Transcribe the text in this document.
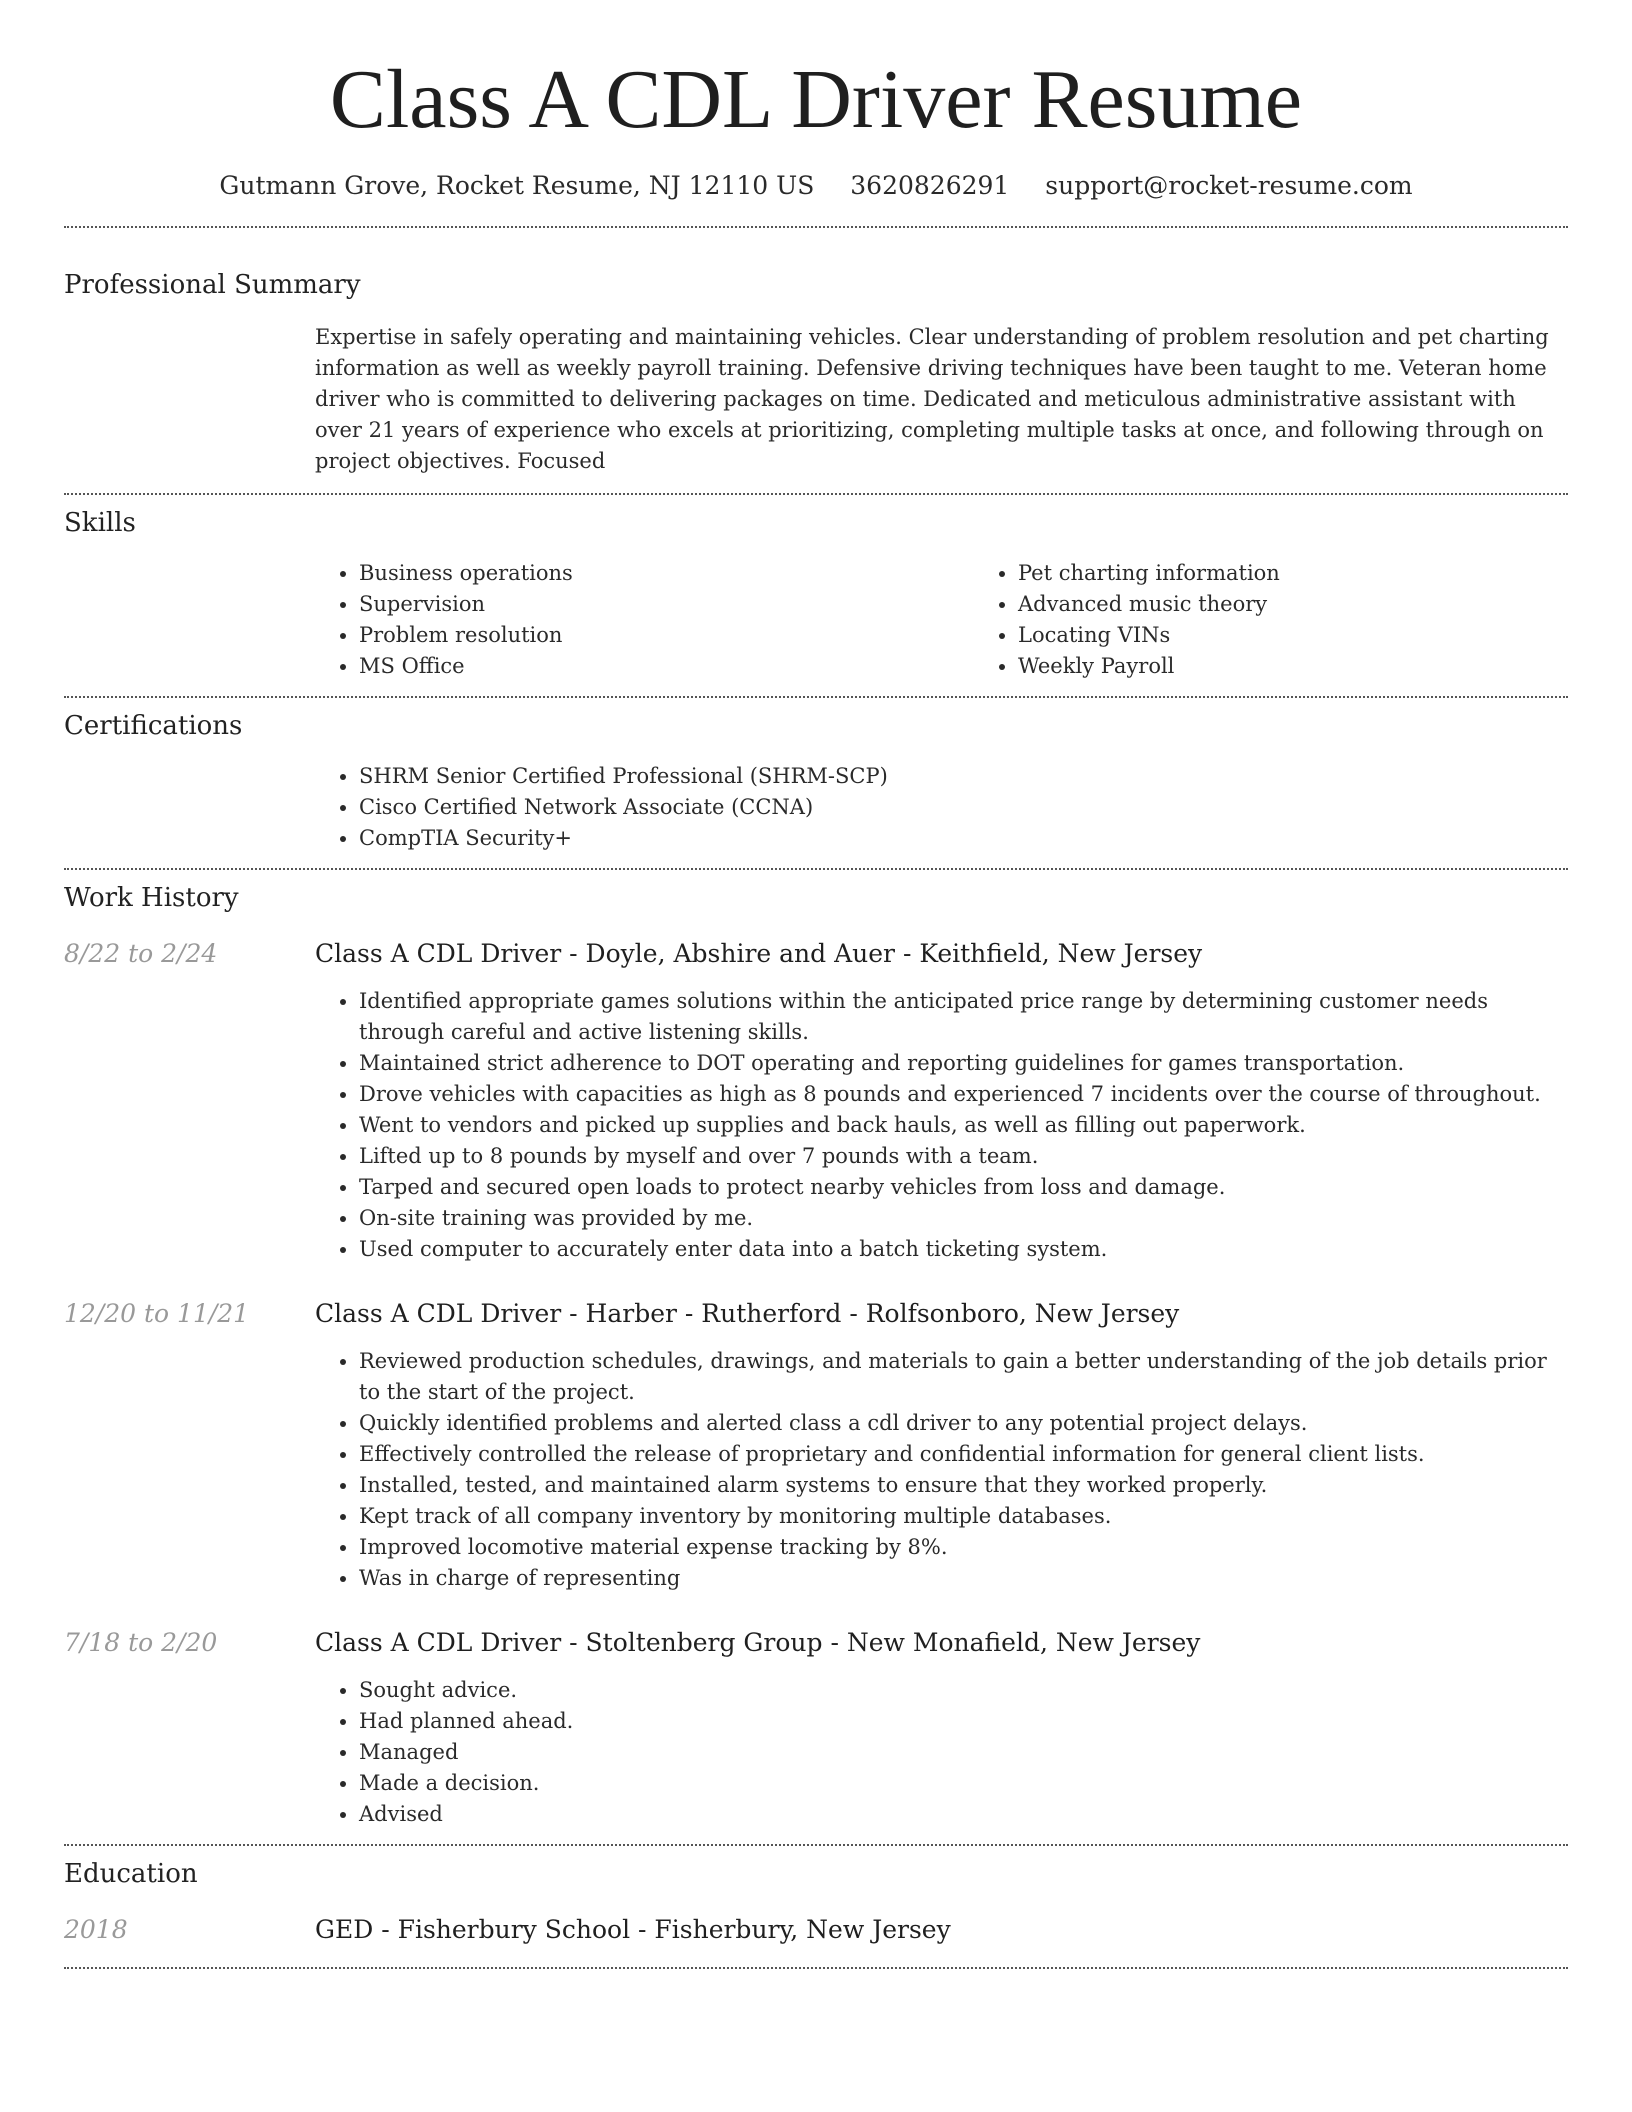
Class A CDL Driver Resume
Gutmann Grove, Rocket Resume, NJ 12110 US 3620826291 support@rocket-resume.com
Professional Summary
Expertise in safely operating and maintaining vehicles. Clear understanding of problem resolution and pet charting information as well as weekly payroll training. Defensive driving techniques have been taught to me. Veteran home driver who is committed to delivering packages on time. Dedicated and meticulous administrative assistant with over 21 years of experience who excels at prioritizing, completing multiple tasks at once, and following through on project objectives. Focused
Skills
• Business operations
• Supervision
• Problem resolution
• MS Office
• Pet charting information
• Advanced music theory
• Locating VINs
• Weekly Payroll
Certifications
• SHRM Senior Certified Professional (SHRM-SCP)
• Cisco Certified Network Associate (CCNA)
• CompTIA Security+
Work History
8/22 to 2/24	Class A CDL Driver - Doyle, Abshire and Auer - Keithfield, New Jersey
• Identified appropriate games solutions within the anticipated price range by determining customer needs through careful and active listening skills.
• Maintained strict adherence to DOT operating and reporting guidelines for games transportation.
• Drove vehicles with capacities as high as 8 pounds and experienced 7 incidents over the course of throughout.
• Went to vendors and picked up supplies and back hauls, as well as filling out paperwork.
• Lifted up to 8 pounds by myself and over 7 pounds with a team.
• Tarped and secured open loads to protect nearby vehicles from loss and damage.
• On-site training was provided by me.
• Used computer to accurately enter data into a batch ticketing system.
12/20 to 11/21	Class A CDL Driver - Harber - Rutherford - Rolfsonboro, New Jersey
• Reviewed production schedules, drawings, and materials to gain a better understanding of the job details prior to the start of the project.
• Quickly identified problems and alerted class a cdl driver to any potential project delays.
• Effectively controlled the release of proprietary and confidential information for general client lists.
• Installed, tested, and maintained alarm systems to ensure that they worked properly.
• Kept track of all company inventory by monitoring multiple databases.
• Improved locomotive material expense tracking by 8%.
• Was in charge of representing
7/18 to 2/20	Class A CDL Driver - Stoltenberg Group - New Monafield, New Jersey
• Sought advice.
• Had planned ahead.
• Managed
• Made a decision.
• Advised
Education
2018	GED - Fisherbury School - Fisherbury, New Jersey
